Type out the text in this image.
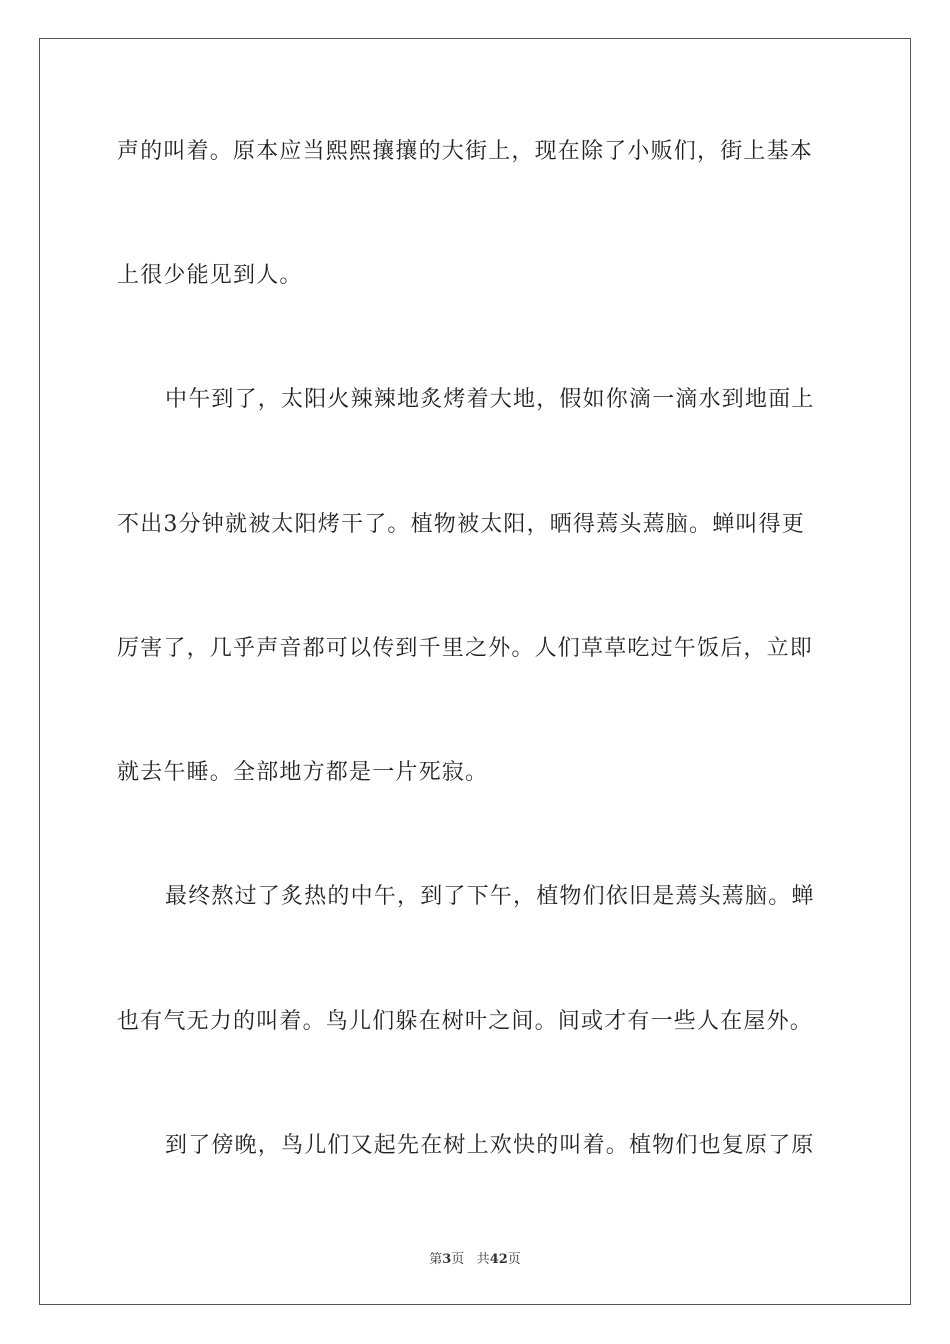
声的叫着。原本应当熙熙攘攘的大街上，现在除了小贩们，街上基本
上很少能见到人。
中午到了，太阳火辣辣地炙烤着大地，假如你滴一滴水到地面上
不出3分钟就被太阳烤干了。植物被太阳，晒得蔫头蔫脑。蝉叫得更
厉害了，几乎声音都可以传到千里之外。人们草草吃过午饭后，立即
就去午睡。全部地方都是一片死寂。
最终熬过了炙热的中午，到了下午，植物们依旧是蔫头蔫脑。蝉
也有气无力的叫着。鸟儿们躲在树叶之间。间或才有一些人在屋外。
到了傍晚，鸟儿们又起先在树上欢快的叫着。植物们也复原了原
第3页 共42页
